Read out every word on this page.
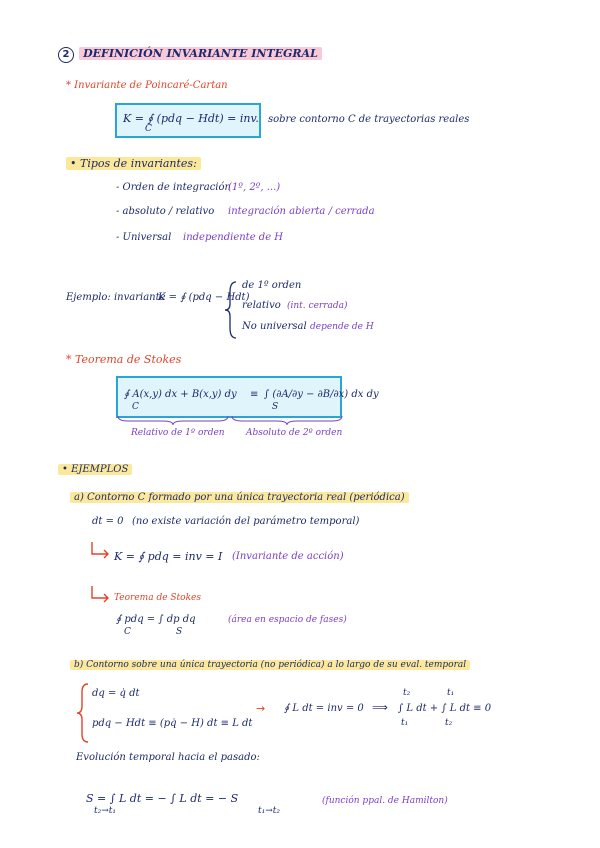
2 DEFINICIÓN INVARIANTE INTEGRAL
* Invariante de Poincaré-Cartan
K = ∮ (pdq − Hdt) = inv.
C
sobre contorno C de trayectorias reales
• Tipos de invariantes:
- Orden de integración
(1º, 2º, ...)
- absoluto / relativo integración abierta / cerrada
- Universal independiente de H
Ejemplo: invariante
K = ∮ (pdq − Hdt)
de 1º orden
relativo (int. cerrada)
No universal depende de H
* Teorema de Stokes
∮ A(x,y) dx + B(x,y) dy
C
≡ ∫ (∂A/∂y − ∂B/∂x) dx dy
S
Relativo de 1º orden Absoluto de 2º orden
• EJEMPLOS
a) Contorno C formado por una única trayectoria real (periódica)
dt = 0 (no existe variación del parámetro temporal)
K = ∮ pdq = inv = I (Invariante de acción)
Teorema de Stokes
∮ pdq = ∫ dp dq
C	S
(área en espacio de fases)
b) Contorno sobre una única trayectoria (no periódica) a lo largo de su eval. temporal
dq = q̇ dt
pdq − Hdt ≡ (pq̇ − H) dt ≡ L dt
→ ∮ L dt = inv = 0 ⟹ ∫ L dt + ∫ L dt ≡ 0
t₂
t₁
t₁
t₂
Evolución temporal hacia el pasado:
S = ∫ L dt = − ∫ L dt = − S
t₂→t₁	t₁→t₂
(función ppal. de Hamilton)
